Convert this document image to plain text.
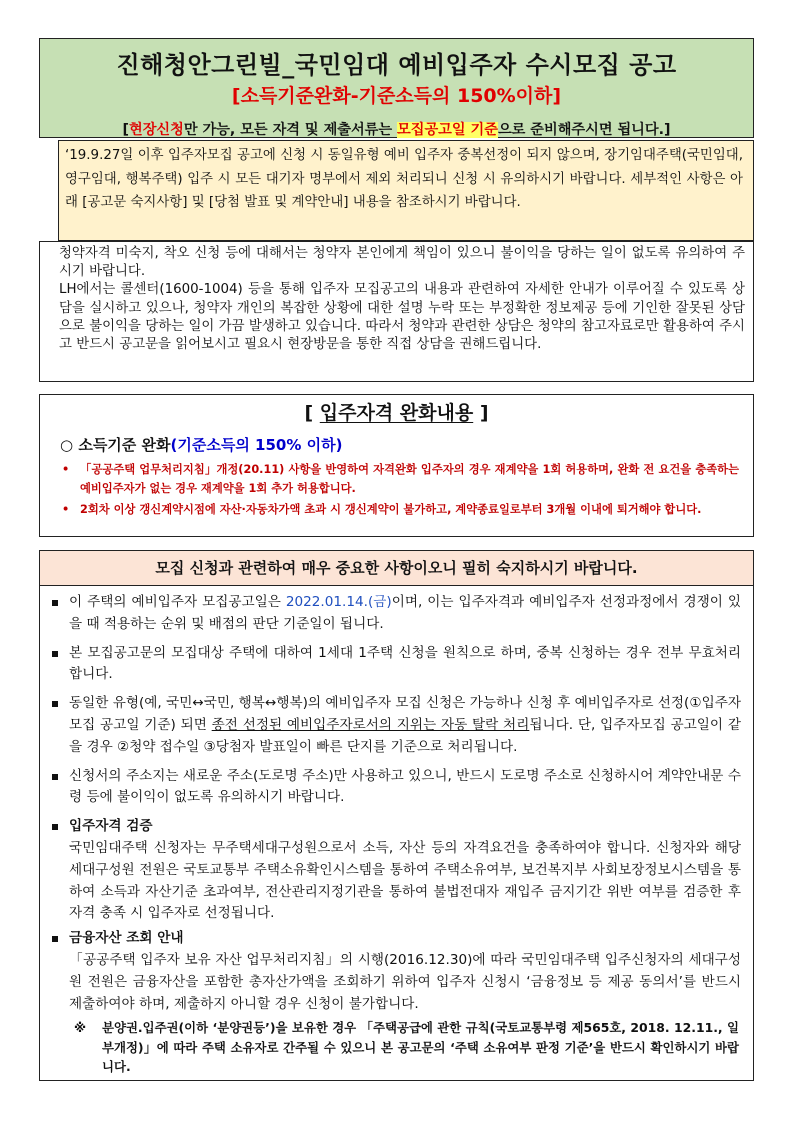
진해청안그린빌_국민임대 예비입주자 수시모집 공고
[소득기준완화-기준소득의 150%이하]
[현장신청만 가능, 모든 자격 및 제출서류는 모집공고일 기준으로 준비해주시면 됩니다.]
‘19.9.27일 이후 입주자모집 공고에 신청 시 동일유형 예비 입주자 중복선정이 되지 않으며, 장기임대주택(국민임대, 영구임대, 행복주택) 입주 시 모든 대기자 명부에서 제외 처리되니 신청 시 유의하시기 바랍니다. 세부적인 사항은 아래 [공고문 숙지사항] 및 [당첨 발표 및 계약안내] 내용을 참조하시기 바랍니다.

청약자격 미숙지, 착오 신청 등에 대해서는 청약자 본인에게 책임이 있으니 불이익을 당하는 일이 없도록 유의하여 주시기 바랍니다.

LH에서는 콜센터(1600-1004) 등을 통해 입주자 모집공고의 내용과 관련하여 자세한 안내가 이루어질 수 있도록 상담을 실시하고 있으나, 청약자 개인의 복잡한 상황에 대한 설명 누락 또는 부정확한 정보제공 등에 기인한 잘못된 상담으로 불이익을 당하는 일이 가끔 발생하고 있습니다. 따라서 청약과 관련한 상담은 청약의 참고자료로만 활용하여 주시고 반드시 공고문을 읽어보시고 필요시 현장방문을 통한 직접 상담을 권해드립니다.

[ 입주자격 완화내용 ]
○ 소득기준 완화(기준소득의 150% 이하)
• 「공공주택 업무처리지침」개정(20.11) 사항을 반영하여 자격완화 입주자의 경우 재계약을 1회 허용하며, 완화 전 요건을 충족하는 예비입주자가 없는 경우 재계약을 1회 추가 허용합니다.
• 2회차 이상 갱신계약시점에 자산·자동차가액 초과 시 갱신계약이 불가하고, 계약종료일로부터 3개월 이내에 퇴거해야 합니다.
모집 신청과 관련하여 매우 중요한 사항이오니 필히 숙지하시기 바랍니다.
이 주택의 예비입주자 모집공고일은 2022.01.14.(금)이며, 이는 입주자격과 예비입주자 선정과정에서 경쟁이 있을 때 적용하는 순위 및 배점의 판단 기준일이 됩니다.
본 모집공고문의 모집대상 주택에 대하여 1세대 1주택 신청을 원칙으로 하며, 중복 신청하는 경우 전부 무효처리 합니다.
동일한 유형(예, 국민↔국민, 행복↔행복)의 예비입주자 모집 신청은 가능하나 신청 후 예비입주자로 선정(①입주자모집 공고일 기준) 되면 종전 선정된 예비입주자로서의 지위는 자동 탈락 처리됩니다. 단, 입주자모집 공고일이 같을 경우 ②청약 접수일 ③당첨자 발표일이 빠른 단지를 기준으로 처리됩니다.
신청서의 주소지는 새로운 주소(도로명 주소)만 사용하고 있으니, 반드시 도로명 주소로 신청하시어 계약안내문 수령 등에 불이익이 없도록 유의하시기 바랍니다.
입주자격 검증

국민임대주택 신청자는 무주택세대구성원으로서 소득, 자산 등의 자격요건을 충족하여야 합니다. 신청자와 해당 세대구성원 전원은 국토교통부 주택소유확인시스템을 통하여 주택소유여부, 보건복지부 사회보장정보시스템을 통하여 소득과 자산기준 초과여부, 전산관리지정기관을 통하여 불법전대자 재입주 금지기간 위반 여부를 검증한 후 자격 충족 시 입주자로 선정됩니다.

금융자산 조회 안내

「공공주택 입주자 보유 자산 업무처리지침」의 시행(2016.12.30)에 따라 국민임대주택 입주신청자의 세대구성원 전원은 금융자산을 포함한 총자산가액을 조회하기 위하여 입주자 신청시 ‘금융정보 등 제공 동의서’를 반드시 제출하여야 하며, 제출하지 아니할 경우 신청이 불가합니다.

※ 분양권.입주권(이하 ‘분양권등’)을 보유한 경우 「주택공급에 관한 규칙(국토교통부령 제565호, 2018. 12.11., 일부개정)」에 따라 주택 소유자로 간주될 수 있으니 본 공고문의 ‘주택 소유여부 판정 기준’을 반드시 확인하시기 바랍니다.
